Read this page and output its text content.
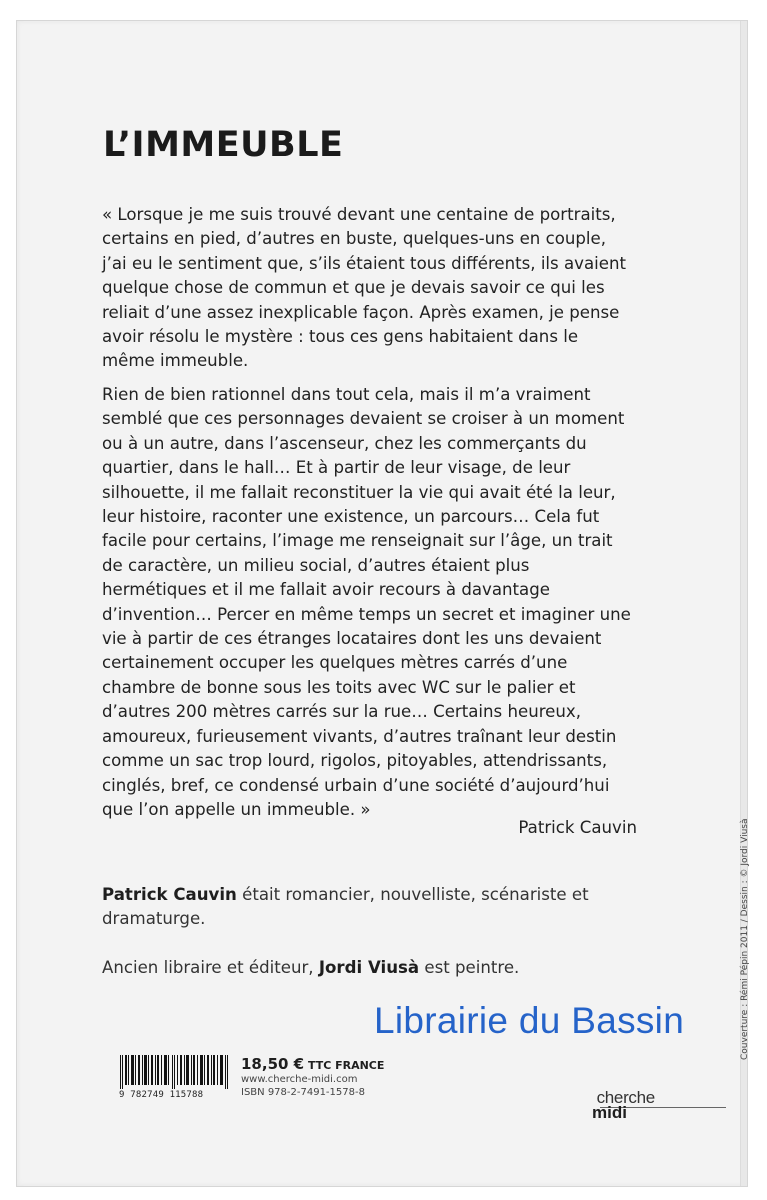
L’IMMEUBLE

« Lorsque je me suis trouvé devant une centaine de portraits, certains en pied, d’autres en buste, quelques-uns en couple, j’ai eu le sentiment que, s’ils étaient tous différents, ils avaient quelque chose de commun et que je devais savoir ce qui les reliait d’une assez inexplicable façon. Après examen, je pense avoir résolu le mystère : tous ces gens habitaient dans le même immeuble.

Rien de bien rationnel dans tout cela, mais il m’a vraiment semblé que ces personnages devaient se croiser à un moment ou à un autre, dans l’ascenseur, chez les commerçants du quartier, dans le hall… Et à partir de leur visage, de leur silhouette, il me fallait reconstituer la vie qui avait été la leur, leur histoire, raconter une existence, un parcours… Cela fut facile pour certains, l’image me renseignait sur l’âge, un trait de caractère, un milieu social, d’autres étaient plus hermétiques et il me fallait avoir recours à davantage d’invention… Percer en même temps un secret et imaginer une vie à partir de ces étranges locataires dont les uns devaient certainement occuper les quelques mètres carrés d’une chambre de bonne sous les toits avec WC sur le palier et d’autres 200 mètres carrés sur la rue… Certains heureux, amoureux, furieusement vivants, d’autres traînant leur destin comme un sac trop lourd, rigolos, pitoyables, attendrissants, cinglés, bref, ce condensé urbain d’une société d’aujourd’hui que l’on appelle un immeuble. »

Patrick Cauvin

Patrick Cauvin était romancier, nouvelliste, scénariste et dramaturge.

Ancien libraire et éditeur, Jordi Viusà est peintre.	Couverture : Rémi Pépin 2011 / Dessin : © Jordi Viusà
Librairie du Bassin
9 782749 115788
18,50 € TTC FRANCE
www.cherche-midi.com
ISBN 978-2-7491-1578-8	cherche
midi
